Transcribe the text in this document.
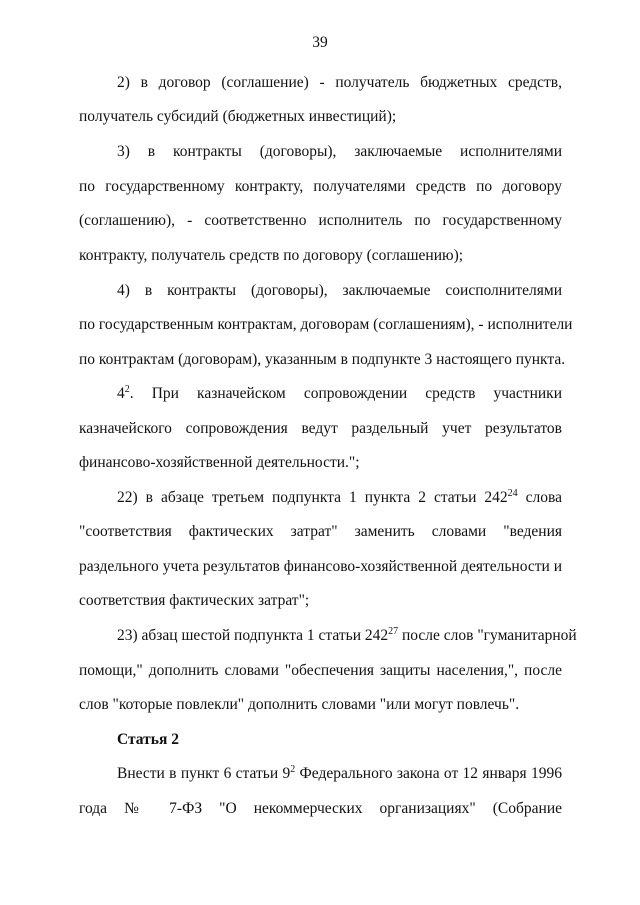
39
2) в договор (соглашение) - получатель бюджетных средств,
получатель субсидий (бюджетных инвестиций);
3) в контракты (договоры), заключаемые исполнителями
по государственному контракту, получателями средств по договору
(соглашению), - соответственно исполнитель по государственному
контракту, получатель средств по договору (соглашению);
4) в контракты (договоры), заключаемые соисполнителями
по государственным контрактам, договорам (соглашениям), - исполнители
по контрактам (договорам), указанным в подпункте 3 настоящего пункта.
$4^2$. При казначейском сопровождении средств участники
казначейского сопровождения ведут раздельный учет результатов
финансово-хозяйственной деятельности.";
22) в абзаце третьем подпункта 1 пункта 2 статьи $242^{24}$ слова
"соответствия фактических затрат" заменить словами "ведения
раздельного учета результатов финансово-хозяйственной деятельности и
соответствия фактических затрат";
23) абзац шестой подпункта 1 статьи $242^{27}$ после слов "гуманитарной
помощи," дополнить словами "обеспечения защиты населения,", после
слов "которые повлекли" дополнить словами "или могут повлечь".
Статья 2
Внести в пункт 6 статьи $9^2$ Федерального закона от 12 января 1996
года № 7-ФЗ "О некоммерческих организациях" (Собрание
